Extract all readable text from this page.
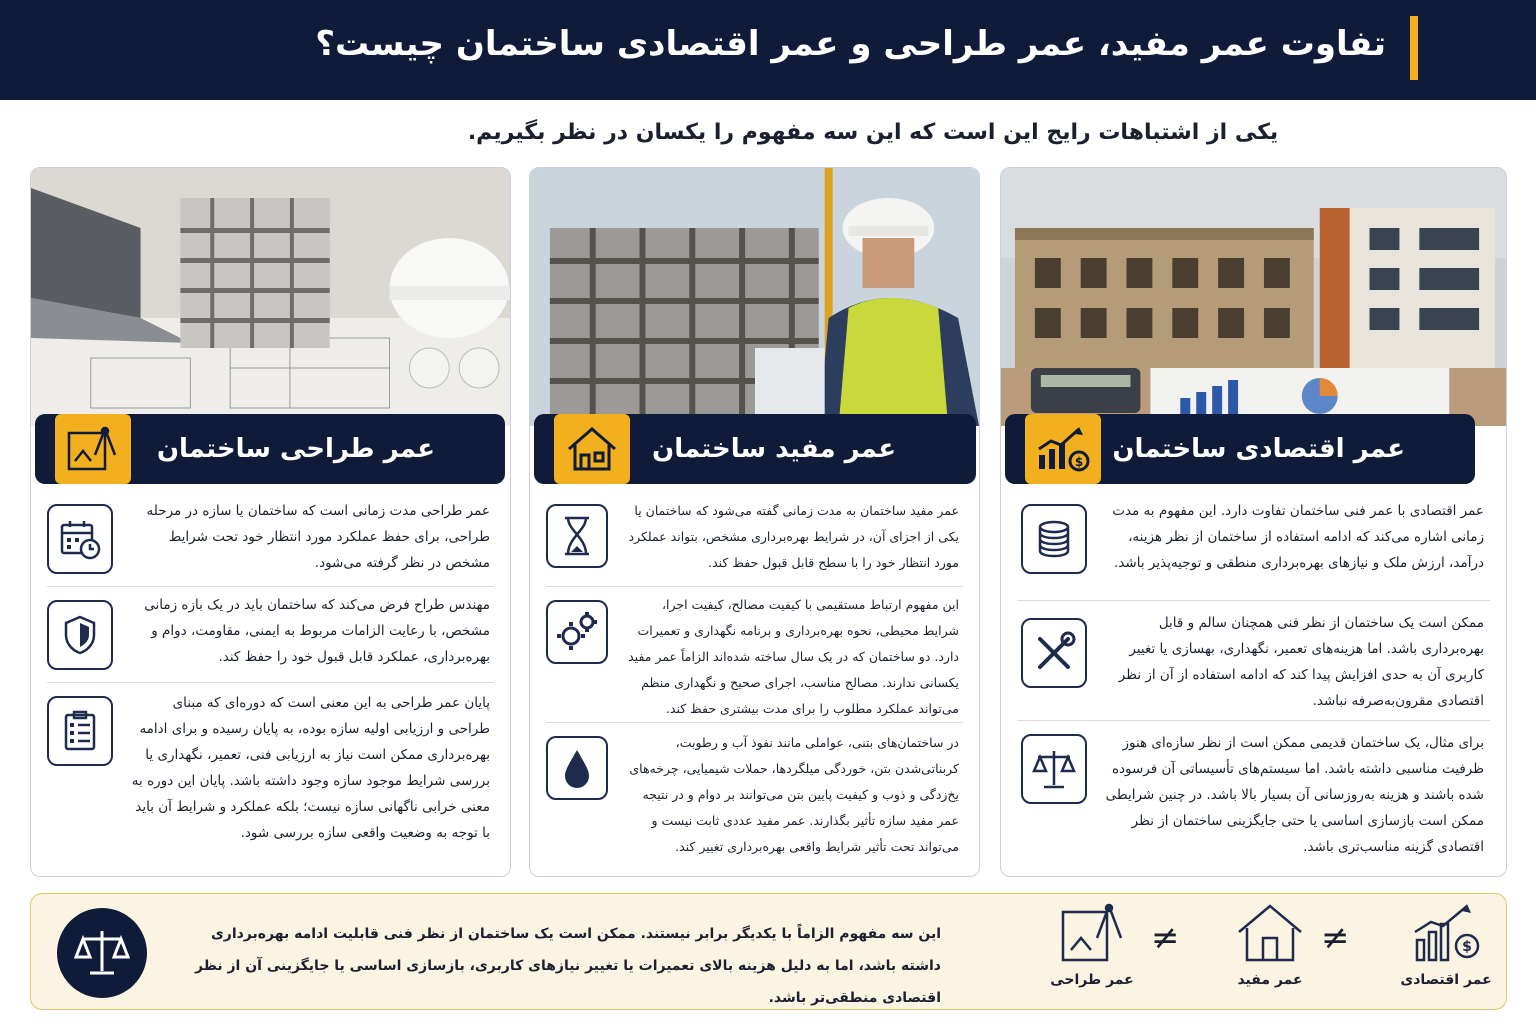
تفاوت عمر مفید، عمر طراحی و عمر اقتصادی ساختمان چیست؟
یکی از اشتباهات رایج این است که این سه مفهوم را یکسان در نظر بگیریم.
$ عمر اقتصادی ساختمان
عمر اقتصادی با عمر فنی ساختمان تفاوت دارد. این مفهوم به مدت زمانی اشاره می‌کند که ادامه استفاده از ساختمان از نظر هزینه، درآمد، ارزش ملک و نیازهای بهره‌برداری منطقی و توجیه‌پذیر باشد.
ممکن است یک ساختمان از نظر فنی همچنان سالم و قابل بهره‌برداری باشد. اما هزینه‌های تعمیر، نگهداری، بهسازی یا تغییر کاربری آن به حدی افزایش پیدا کند که ادامه استفاده از آن از نظر اقتصادی مقرون‌به‌صرفه نباشد.
برای مثال، یک ساختمان قدیمی ممکن است از نظر سازه‌ای هنوز ظرفیت مناسبی داشته باشد. اما سیستم‌های تأسیساتی آن فرسوده شده باشند و هزینه به‌روزسانی آن بسیار بالا باشد. در چنین شرایطی ممکن است بازسازی اساسی یا حتی جایگزینی ساختمان از نظر اقتصادی گزینه مناسب‌تری باشد.
عمر مفید ساختمان
عمر مفید ساختمان به مدت زمانی گفته می‌شود که ساختمان یا یکی از اجزای آن، در شرایط بهره‌برداری مشخص، بتواند عملکرد مورد انتظار خود را با سطح قابل قبول حفظ کند.
این مفهوم ارتباط مستقیمی با کیفیت مصالح، کیفیت اجرا، شرایط محیطی، نحوه بهره‌برداری و برنامه نگهداری و تعمیرات دارد. دو ساختمان که در یک سال ساخته شده‌اند الزاماً عمر مفید یکسانی ندارند. مصالح مناسب، اجرای صحیح و نگهداری منظم می‌تواند عملکرد مطلوب را برای مدت بیشتری حفظ کند.
در ساختمان‌های بتنی، عواملی مانند نفوذ آب و رطوبت، کربناتی‌شدن بتن، خوردگی میلگردها، حملات شیمیایی، چرخه‌های یخ‌زدگی و ذوب و کیفیت پایین بتن می‌توانند بر دوام و در نتیجه عمر مفید سازه تأثیر بگذارند. عمر مفید عددی ثابت نیست و می‌تواند تحت تأثیر شرایط واقعی بهره‌برداری تغییر کند.
عمر طراحی ساختمان
عمر طراحی مدت زمانی است که ساختمان یا سازه در مرحله طراحی، برای حفظ عملکرد مورد انتظار خود تحت شرایط مشخص در نظر گرفته می‌شود.
مهندس طراح فرض می‌کند که ساختمان باید در یک بازه زمانی مشخص، با رعایت الزامات مربوط به ایمنی، مقاومت، دوام و بهره‌برداری، عملکرد قابل قبول خود را حفظ کند.
پایان عمر طراحی به این معنی است که دوره‌ای که مبنای طراحی و ارزیابی اولیه سازه بوده، به پایان رسیده و برای ادامه بهره‌برداری ممکن است نیاز به ارزیابی فنی، تعمیر، نگهداری یا بررسی شرایط موجود سازه وجود داشته باشد. پایان این دوره به معنی خرابی ناگهانی سازه نیست؛ بلکه عملکرد و شرایط آن باید با توجه به وضعیت واقعی سازه بررسی شود.
این سه مفهوم الزاماً با یکدیگر برابر نیستند. ممکن است یک ساختمان از نظر فنی قابلیت ادامه بهره‌برداری داشته باشد، اما به دلیل هزینه بالای تعمیرات یا تغییر نیازهای کاربری، بازسازی اساسی یا جایگزینی آن از نظر اقتصادی منطقی‌تر باشد.
$
عمر اقتصادی
≠
عمر مفید
≠
عمر طراحی
